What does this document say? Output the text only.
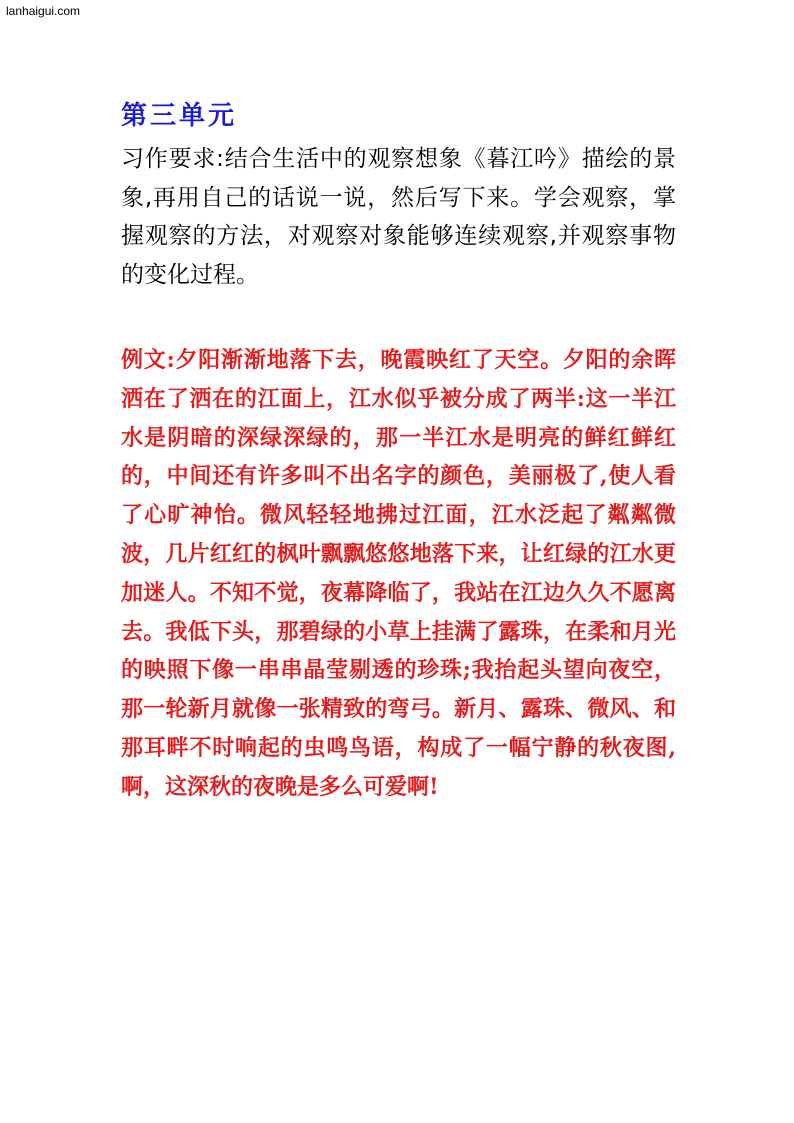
lanhaigui.com
第三单元

习作要求:结合生活中的观察想象《暮江吟》描绘的景象,再用自己的话说一说，然后写下来。学会观察，掌握观察的方法，对观察对象能够连续观察,并观察事物的变化过程。

例文:夕阳渐渐地落下去，晚霞映红了天空。夕阳的余晖洒在了洒在的江面上，江水似乎被分成了两半:这一半江水是阴暗的深绿深绿的，那一半江水是明亮的鲜红鲜红的，中间还有许多叫不出名字的颜色，美丽极了,使人看了心旷神怡。微风轻轻地拂过江面，江水泛起了粼粼微波，几片红红的枫叶飘飘悠悠地落下来，让红绿的江水更加迷人。不知不觉，夜幕降临了，我站在江边久久不愿离去。我低下头，那碧绿的小草上挂满了露珠，在柔和月光的映照下像一串串晶莹剔透的珍珠;我抬起头望向夜空，那一轮新月就像一张精致的弯弓。新月、露珠、微风、和那耳畔不时响起的虫鸣鸟语，构成了一幅宁静的秋夜图,啊，这深秋的夜晚是多么可爱啊!
